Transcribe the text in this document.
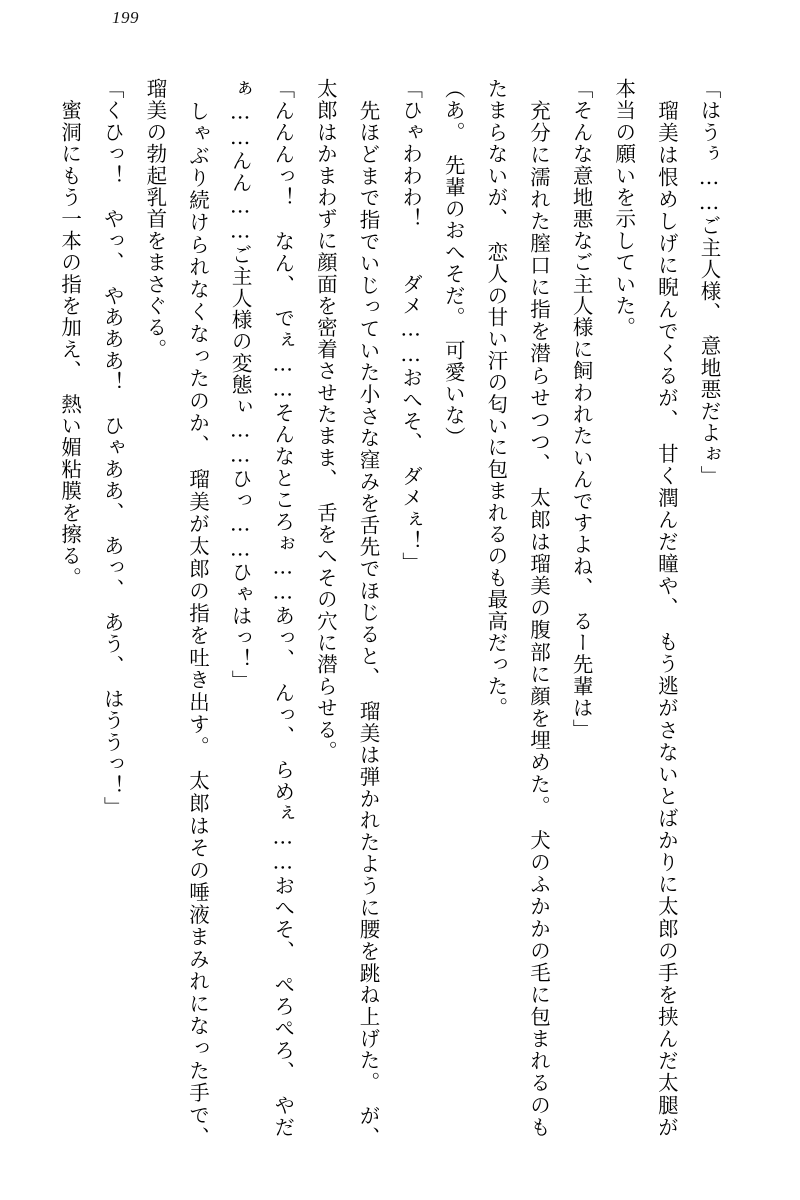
199

「はうぅ……ご主人様、　意地悪だよぉ」

　瑠美は恨めしげに睨んでくるが、　甘く潤んだ瞳や、　もう逃がさないとばかりに太郎の手を挟んだ太腿が本当の願いを示していた。

「そんな意地悪なご主人様に飼われたいんですよね、　るー先輩は」

　充分に濡れた膣口に指を潜らせつつ、　太郎は瑠美の腹部に顔を埋めた。　犬のふかかの毛に包まれるのもたまらないが、　恋人の甘い汗の匂いに包まれるのも最高だった。

（あ。　先輩のおへそだ。　可愛いな）

「ひゃわわわ！　　ダメ……おへそ、　ダメぇ！」

　先ほどまで指でいじっていた小さな窪みを舌先でほじると、　瑠美は弾かれたように腰を跳ね上げた。　が、　太郎はかまわずに顔面を密着させたまま、　舌をへその穴に潜らせる。

「んんんっ！　なん、　でぇ……そんなところぉ……あっ、　んっ、　らめぇ……おへそ、　ぺろぺろ、　やだぁ……んん……ご主人様の変態ぃ……ひっ……ひゃはっ！」

　しゃぶり続けられなくなったのか、　瑠美が太郎の指を吐き出す。　太郎はその唾液まみれになった手で、　瑠美の勃起乳首をまさぐる。

「くひっ！　やっ、　やあああ！　ひゃああ、　あっ、　あう、　はううっ！」

　蜜洞にもう一本の指を加え、　熱い媚粘膜を擦る。
